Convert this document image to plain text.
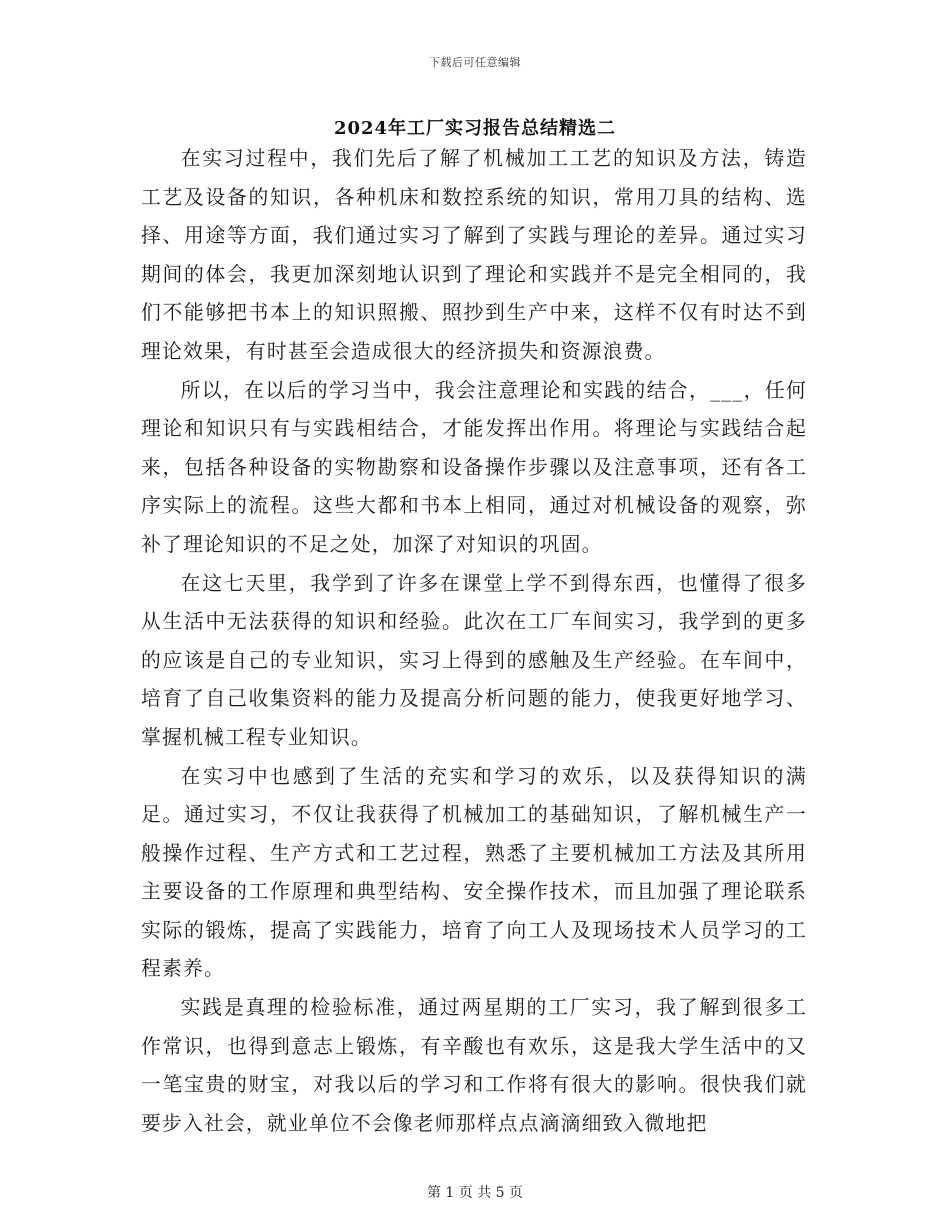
下载后可任意编辑
2024年工厂实习报告总结精选二

在实习过程中，我们先后了解了机械加工工艺的知识及方法，铸造工艺及设备的知识，各种机床和数控系统的知识，常用刀具的结构、选择、用途等方面，我们通过实习了解到了实践与理论的差异。通过实习期间的体会，我更加深刻地认识到了理论和实践并不是完全相同的，我们不能够把书本上的知识照搬、照抄到生产中来，这样不仅有时达不到理论效果，有时甚至会造成很大的经济损失和资源浪费。

所以，在以后的学习当中，我会注意理论和实践的结合，___，任何理论和知识只有与实践相结合，才能发挥出作用。将理论与实践结合起来，包括各种设备的实物勘察和设备操作步骤以及注意事项，还有各工序实际上的流程。这些大都和书本上相同，通过对机械设备的观察，弥补了理论知识的不足之处，加深了对知识的巩固。

在这七天里，我学到了许多在课堂上学不到得东西，也懂得了很多从生活中无法获得的知识和经验。此次在工厂车间实习，我学到的更多的应该是自己的专业知识，实习上得到的感触及生产经验。在车间中，培育了自己收集资料的能力及提高分析问题的能力，使我更好地学习、掌握机械工程专业知识。

在实习中也感到了生活的充实和学习的欢乐，以及获得知识的满足。通过实习，不仅让我获得了机械加工的基础知识，了解机械生产一般操作过程、生产方式和工艺过程，熟悉了主要机械加工方法及其所用主要设备的工作原理和典型结构、安全操作技术，而且加强了理论联系实际的锻炼，提高了实践能力，培育了向工人及现场技术人员学习的工程素养。

实践是真理的检验标准，通过两星期的工厂实习，我了解到很多工作常识，也得到意志上锻炼，有辛酸也有欢乐，这是我大学生活中的又一笔宝贵的财宝，对我以后的学习和工作将有很大的影响。很快我们就要步入社会，就业单位不会像老师那样点点滴滴细致入微地把

第 1 页 共 5 页
